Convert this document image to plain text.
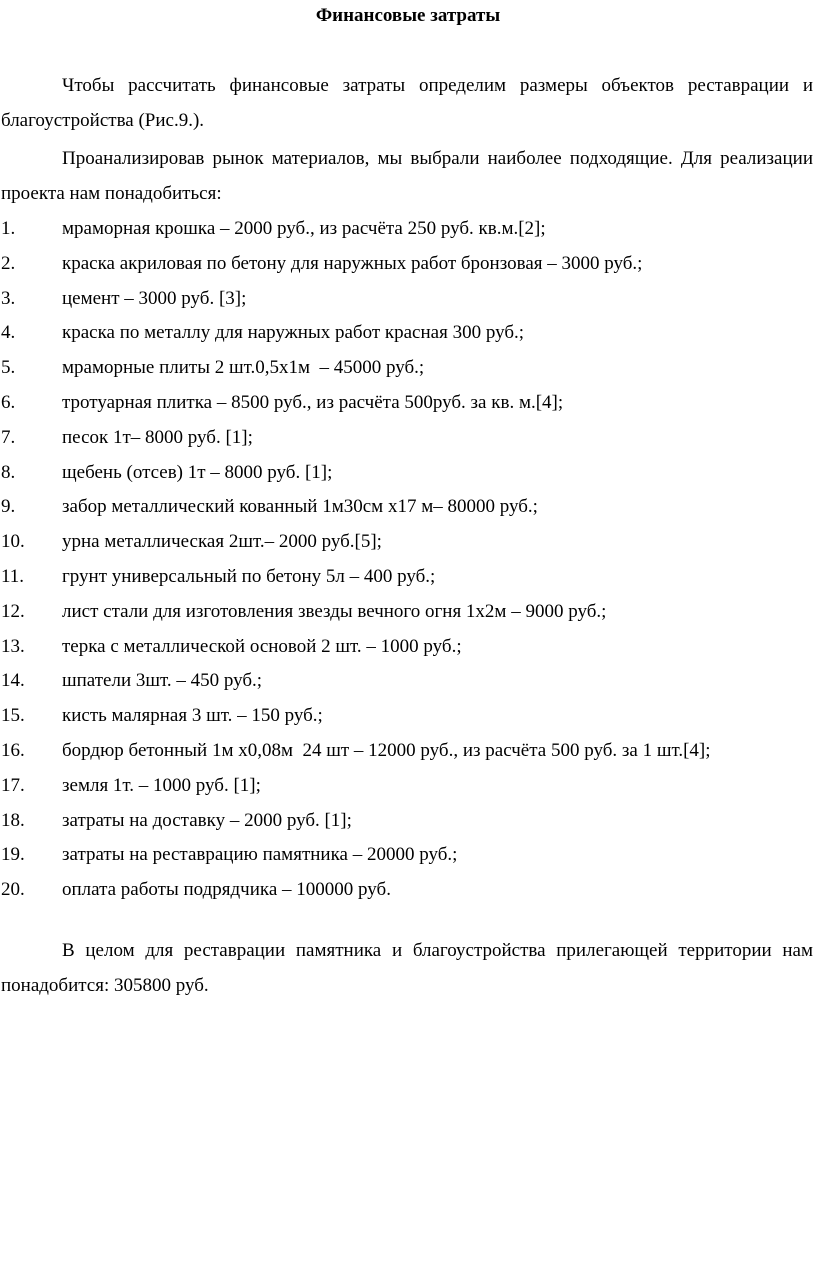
Финансовые затраты

Чтобы рассчитать финансовые затраты определим размеры объектов реставрации и благоустройства (Рис.9.).

Проанализировав рынок материалов, мы выбрали наиболее подходящие. Для реализации проекта нам понадобиться:

1.	мраморная крошка – 2000 руб., из расчёта 250 руб. кв.м.[2];
2.	краска акриловая по бетону для наружных работ бронзовая – 3000 руб.;
3.	цемент – 3000 руб. [3];
4.	краска по металлу для наружных работ красная 300 руб.;
5.	мраморные плиты 2 шт.0,5х1м  – 45000 руб.;
6.	тротуарная плитка – 8500 руб., из расчёта 500руб. за кв. м.[4];
7.	песок 1т– 8000 руб. [1];
8.	щебень (отсев) 1т – 8000 руб. [1];
9.	забор металлический кованный 1м30см х17 м– 80000 руб.;
10.	урна металлическая 2шт.– 2000 руб.[5];
11.	грунт универсальный по бетону 5л – 400 руб.;
12.	лист стали для изготовления звезды вечного огня 1х2м – 9000 руб.;
13.	терка с металлической основой 2 шт. – 1000 руб.;
14.	шпатели 3шт. – 450 руб.;
15.	кисть малярная 3 шт. – 150 руб.;
16.	бордюр бетонный 1м х0,08м  24 шт – 12000 руб., из расчёта 500 руб. за 1 шт.[4];
17.	земля 1т. – 1000 руб. [1];
18.	затраты на доставку – 2000 руб. [1];
19.	затраты на реставрацию памятника – 20000 руб.;
20.	оплата работы подрядчика – 100000 руб.

В целом для реставрации памятника и благоустройства прилегающей территории нам понадобится: 305800 руб.
